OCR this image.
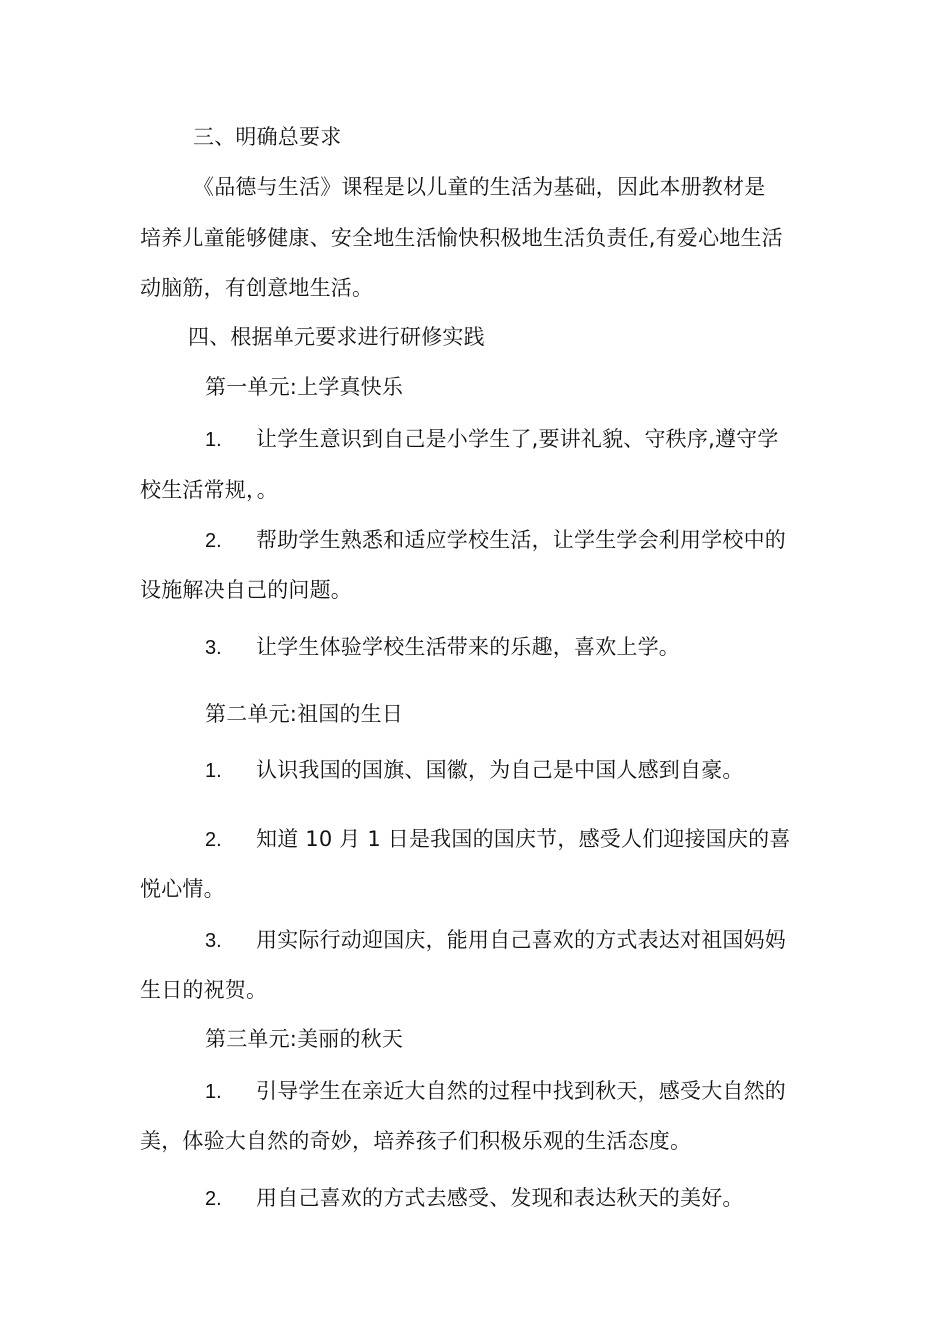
三、明确总要求
《品德与生活》课程是以儿童的生活为基础，因此本册教材是
培养儿童能够健康、安全地生活愉快积极地生活负责任,有爱心地生活
动脑筋，有创意地生活。
四、根据单元要求进行研修实践
第一单元:上学真快乐
1. 让学生意识到自己是小学生了,要讲礼貌、守秩序,遵守学
校生活常规，。
2. 帮助学生熟悉和适应学校生活，让学生学会利用学校中的
设施解决自己的问题。
3. 让学生体验学校生活带来的乐趣，喜欢上学。
第二单元:祖国的生日
1. 认识我国的国旗、国徽，为自己是中国人感到自豪。
2. 知道 10 月 1 日是我国的国庆节，感受人们迎接国庆的喜
悦心情。
3. 用实际行动迎国庆，能用自己喜欢的方式表达对祖国妈妈
生日的祝贺。
第三单元:美丽的秋天
1. 引导学生在亲近大自然的过程中找到秋天，感受大自然的
美，体验大自然的奇妙，培养孩子们积极乐观的生活态度。
2. 用自己喜欢的方式去感受、发现和表达秋天的美好。
